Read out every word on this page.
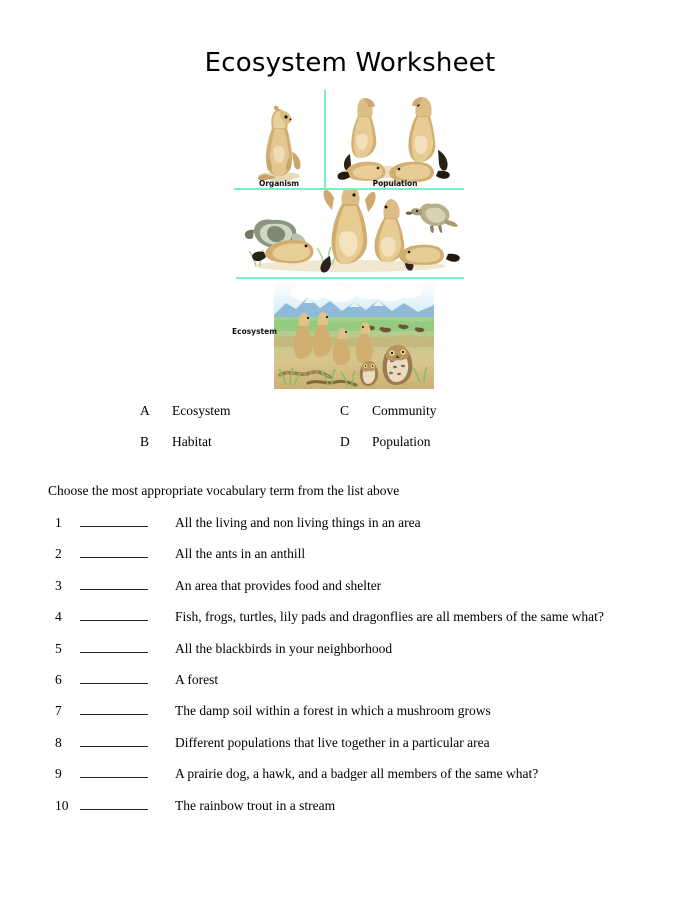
Ecosystem Worksheet
Organism	Population
Ecosystem
A	Ecosystem	C	Community
B	Habitat	D	Population
Choose the most appropriate vocabulary term from the list above
1	All the living and non living things in an area
2	All the ants in an anthill
3	An area that provides food and shelter
4	Fish, frogs, turtles, lily pads and dragonflies are all members of the same what?
5	All the blackbirds in your neighborhood
6	A forest
7	The damp soil within a forest in which a mushroom grows
8	Different populations that live together in a particular area
9	A prairie dog, a hawk, and a badger all members of the same what?
10	The rainbow trout in a stream
